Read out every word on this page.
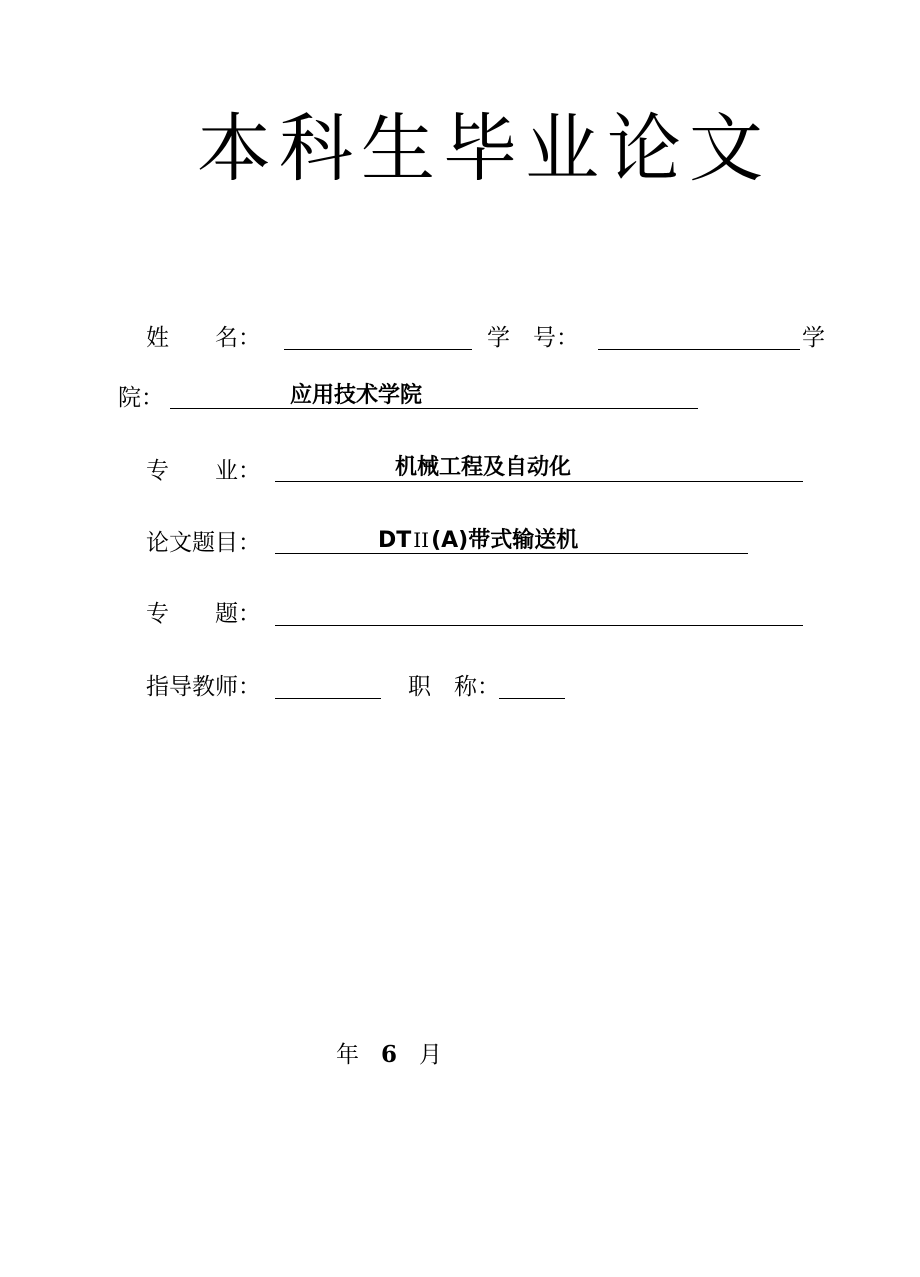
本科生毕业论文
姓　　名：	学　号：	学
院：	应用技术学院
专　　业：	机械工程及自动化
论文题目：	DT II(A)带式输送机
专　　题：
指导教师：	职　称：
年 6 月
